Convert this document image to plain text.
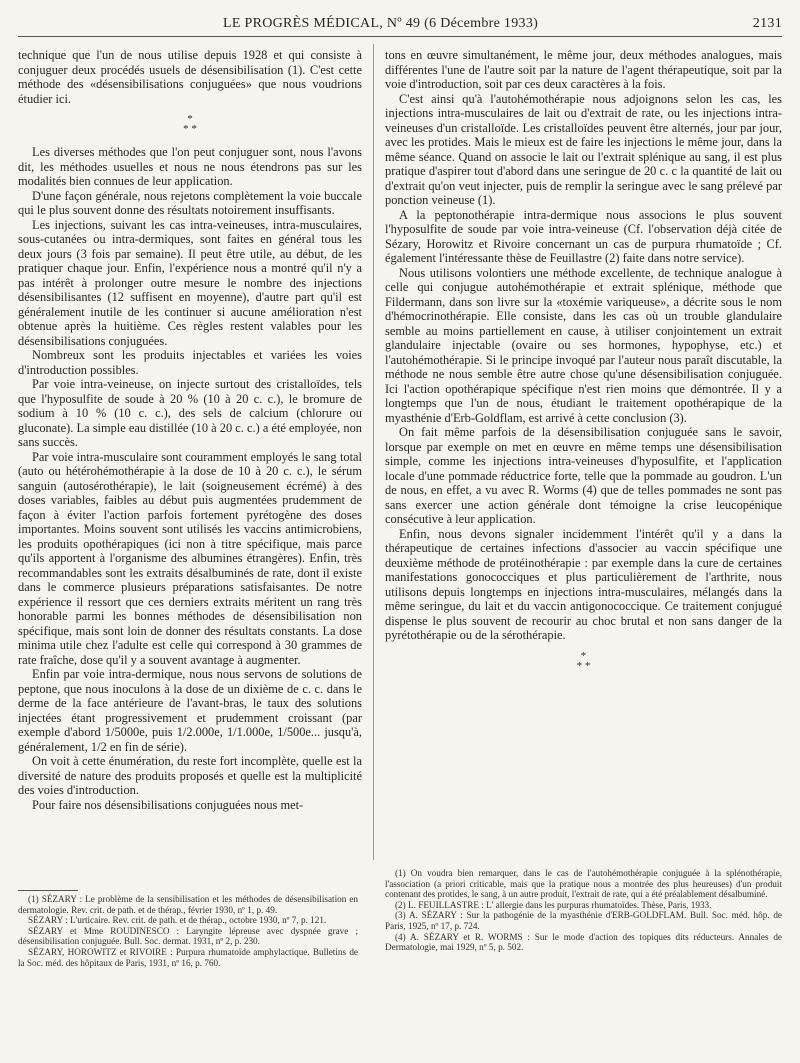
LE PROGRÈS MÉDICAL, Nº 49 (6 Décembre 1933)	2131

technique que l'un de nous utilise depuis 1928 et qui consiste à conjuguer deux procédés usuels de désensibilisation (1). C'est cette méthode des «désensibilisations conjuguées» que nous voudrions étudier ici.

*
* *

Les diverses méthodes que l'on peut conjuguer sont, nous l'avons dit, les méthodes usuelles et nous ne nous étendrons pas sur les modalités bien connues de leur application.

D'une façon générale, nous rejetons complètement la voie buccale qui le plus souvent donne des résultats notoirement insuffisants.

Les injections, suivant les cas intra-veineuses, intra-musculaires, sous-cutanées ou intra-dermiques, sont faites en général tous les deux jours (3 fois par semaine). Il peut être utile, au début, de les pratiquer chaque jour. Enfin, l'expérience nous a montré qu'il n'y a pas intérêt à prolonger outre mesure le nombre des injections désensibilisantes (12 suffisent en moyenne), d'autre part qu'il est généralement inutile de les continuer si aucune amélioration n'est obtenue après la huitième. Ces règles restent valables pour les désensibilisations conjuguées.

Nombreux sont les produits injectables et variées les voies d'introduction possibles.

Par voie intra-veineuse, on injecte surtout des cristalloïdes, tels que l'hyposulfite de soude à 20 % (10 à 20 c. c.), le bromure de sodium à 10 % (10 c. c.), des sels de calcium (chlorure ou gluconate). La simple eau distillée (10 à 20 c. c.) a été employée, non sans succès.

Par voie intra-musculaire sont couramment employés le sang total (auto ou hétérohémothérapie à la dose de 10 à 20 c. c.), le sérum sanguin (autosérothérapie), le lait (soigneusement écrémé) à des doses variables, faibles au début puis augmentées prudemment de façon à éviter l'action parfois fortement pyrétogène des doses importantes. Moins souvent sont utilisés les vaccins antimicrobiens, les produits opothérapiques (ici non à titre spécifique, mais parce qu'ils apportent à l'organisme des albumines étrangères). Enfin, très recommandables sont les extraits désalbuminés de rate, dont il existe dans le commerce plusieurs préparations satisfaisantes. De notre expérience il ressort que ces derniers extraits méritent un rang très honorable parmi les bonnes méthodes de désensibilisation non spécifique, mais sont loin de donner des résultats constants. La dose minima utile chez l'adulte est celle qui correspond à 30 grammes de rate fraîche, dose qu'il y a souvent avantage à augmenter.

Enfin par voie intra-dermique, nous nous servons de solutions de peptone, que nous inoculons à la dose de un dixième de c. c. dans le derme de la face antérieure de l'avant-bras, le taux des solutions injectées étant progressivement et prudemment croissant (par exemple d'abord 1/5000e, puis 1/2.000e, 1/1.000e, 1/500e... jusqu'à, généralement, 1/2 en fin de série).

On voit à cette énumération, du reste fort incomplète, quelle est la diversité de nature des produits proposés et quelle est la multiplicité des voies d'introduction.

Pour faire nos désensibilisations conjuguées nous met-

tons en œuvre simultanément, le même jour, deux méthodes analogues, mais différentes l'une de l'autre soit par la nature de l'agent thérapeutique, soit par la voie d'introduction, soit par ces deux caractères à la fois.

C'est ainsi qu'à l'autohémothérapie nous adjoignons selon les cas, les injections intra-musculaires de lait ou d'extrait de rate, ou les injections intra-veineuses d'un cristalloïde. Les cristalloïdes peuvent être alternés, jour par jour, avec les protides. Mais le mieux est de faire les injections le même jour, dans la même séance. Quand on associe le lait ou l'extrait splénique au sang, il est plus pratique d'aspirer tout d'abord dans une seringue de 20 c. c la quantité de lait ou d'extrait qu'on veut injecter, puis de remplir la seringue avec le sang prélevé par ponction veineuse (1).

A la peptonothérapie intra-dermique nous associons le plus souvent l'hyposulfite de soude par voie intra-veineuse (Cf. l'observation déjà citée de Sézary, Horowitz et Rivoire concernant un cas de purpura rhumatoïde ; Cf. également l'intéressante thèse de Feuillastre (2) faite dans notre service).

Nous utilisons volontiers une méthode excellente, de technique analogue à celle qui conjugue autohémothérapie et extrait splénique, méthode que Fildermann, dans son livre sur la «toxémie variqueuse», a décrite sous le nom d'hémocrinothérapie. Elle consiste, dans les cas où un trouble glandulaire semble au moins partiellement en cause, à utiliser conjointement un extrait glandulaire injectable (ovaire ou ses hormones, hypophyse, etc.) et l'autohémothérapie. Si le principe invoqué par l'auteur nous paraît discutable, la méthode ne nous semble être autre chose qu'une désensibilisation conjuguée. Ici l'action opothérapique spécifique n'est rien moins que démontrée. Il y a longtemps que l'un de nous, étudiant le traitement opothérapique de la myasthénie d'Erb-Goldflam, est arrivé à cette conclusion (3).

On fait même parfois de la désensibilisation conjuguée sans le savoir, lorsque par exemple on met en œuvre en même temps une désensibilisation simple, comme les injections intra-veineuses d'hyposulfite, et l'application locale d'une pommade réductrice forte, telle que la pommade au goudron. L'un de nous, en effet, a vu avec R. Worms (4) que de telles pommades ne sont pas sans exercer une action générale dont témoigne la crise leucopénique consécutive à leur application.

Enfin, nous devons signaler incidemment l'intérêt qu'il y a dans la thérapeutique de certaines infections d'associer au vaccin spécifique une deuxième méthode de protéinothérapie : par exemple dans la cure de certaines manifestations gonococciques et plus particulièrement de l'arthrite, nous utilisons depuis longtemps en injections intra-musculaires, mélangés dans la même seringue, du lait et du vaccin antigonococcique. Ce traitement conjugué dispense le plus souvent de recourir au choc brutal et non sans danger de la pyrétothérapie ou de la sérothérapie.

*
* *

(1) SÉZARY : Le problème de la sensibilisation et les méthodes de désensibilisation en dermatologie. Rev. crit. de path. et de thérap., février 1930, nº 1, p. 49.

SÉZARY : L'urticaire. Rev. crit. de path. et de thérap., octobre 1930, nº 7, p. 121.

SÉZARY et Mme ROUDINESCO : Laryngite lépreuse avec dyspnée grave ; désensibilisation conjuguée. Bull. Soc. dermat. 1931, nº 2, p. 230.

SÉZARY, HOROWITZ et RIVOIRE : Purpura rhumatoïde amphylactique. Bulletins de la Soc. méd. des hôpitaux de Paris, 1931, nº 16, p. 760.

(1) On voudra bien remarquer, dans le cas de l'autohémothérapie conjuguée à la splénothérapie, l'association (a priori criticable, mais que la pratique nous a montrée des plus heureuses) d'un produit contenant des protides, le sang, à un autre produit, l'extrait de rate, qui a été préalablement désalbuminé.

(2) L. FEUILLASTRE : L' allergie dans les purpuras rhumatoïdes. Thèse, Paris, 1933.

(3) A. SÉZARY : Sur la pathogénie de la myasthénie d'ERB-GOLDFLAM. Bull. Soc. méd. hôp. de Paris, 1925, nº 17, p. 724.

(4) A. SÉZARY et R. WORMS : Sur le mode d'action des topiques dits réducteurs. Annales de Dermatologie, mai 1929, nº 5, p. 502.
